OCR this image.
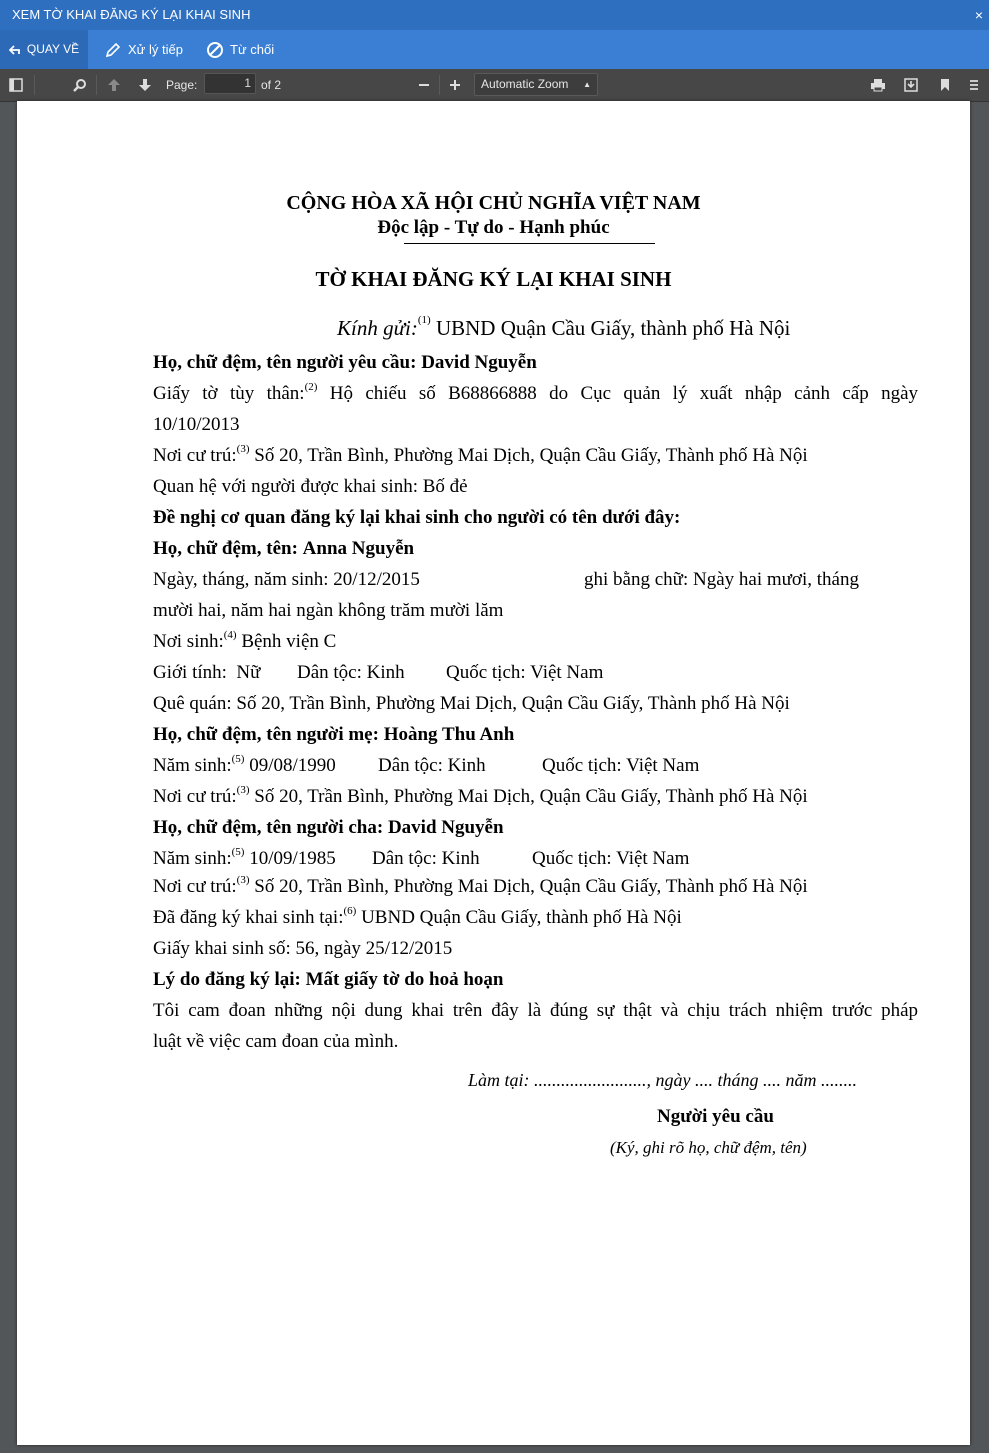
XEM TỜ KHAI ĐĂNG KÝ LẠI KHAI SINH	×
QUAY VỀ	Xử lý tiếp	Từ chối
Page:	1 of 2	Automatic Zoom ▲

CỘNG HÒA XÃ HỘI CHỦ NGHĨA VIỆT NAM
Độc lập - Tự do - Hạnh phúc
TỜ KHAI ĐĂNG KÝ LẠI KHAI SINH
Kính gửi:$^{(1)}$ UBND Quận Cầu Giấy, thành phố Hà Nội
Họ, chữ đệm, tên người yêu cầu: David Nguyễn
Giấy tờ tùy thân:$^{(2)}$ Hộ chiếu số B68866888 do Cục quản lý xuất nhập cảnh cấp ngày
10/10/2013
Nơi cư trú:$^{(3)}$ Số 20, Trần Bình, Phường Mai Dịch, Quận Cầu Giấy, Thành phố Hà Nội
Quan hệ với người được khai sinh: Bố đẻ
Đề nghị cơ quan đăng ký lại khai sinh cho người có tên dưới đây:
Họ, chữ đệm, tên: Anna Nguyễn
Ngày, tháng, năm sinh: 20/12/2015	ghi bằng chữ: Ngày hai mươi, tháng
mười hai, năm hai ngàn không trăm mười lăm
Nơi sinh:$^{(4)}$ Bệnh viện C
Giới tính: Nữ Dân tộc: Kinh Quốc tịch: Việt Nam
Quê quán: Số 20, Trần Bình, Phường Mai Dịch, Quận Cầu Giấy, Thành phố Hà Nội
Họ, chữ đệm, tên người mẹ: Hoàng Thu Anh
Năm sinh:$^{(5)}$ 09/08/1990 Dân tộc: Kinh	Quốc tịch: Việt Nam
Nơi cư trú:$^{(3)}$ Số 20, Trần Bình, Phường Mai Dịch, Quận Cầu Giấy, Thành phố Hà Nội
Họ, chữ đệm, tên người cha: David Nguyễn
Năm sinh:$^{(5)}$ 10/09/1985 Dân tộc: Kinh	Quốc tịch: Việt Nam
Nơi cư trú:$^{(3)}$ Số 20, Trần Bình, Phường Mai Dịch, Quận Cầu Giấy, Thành phố Hà Nội
Đã đăng ký khai sinh tại:$^{(6)}$ UBND Quận Cầu Giấy, thành phố Hà Nội
Giấy khai sinh số: 56, ngày 25/12/2015
Lý do đăng ký lại: Mất giấy tờ do hoả hoạn
Tôi cam đoan những nội dung khai trên đây là đúng sự thật và chịu trách nhiệm trước pháp
luật về việc cam đoan của mình.
Làm tại: ........................., ngày .... tháng .... năm ........
Người yêu cầu
(Ký, ghi rõ họ, chữ đệm, tên)
